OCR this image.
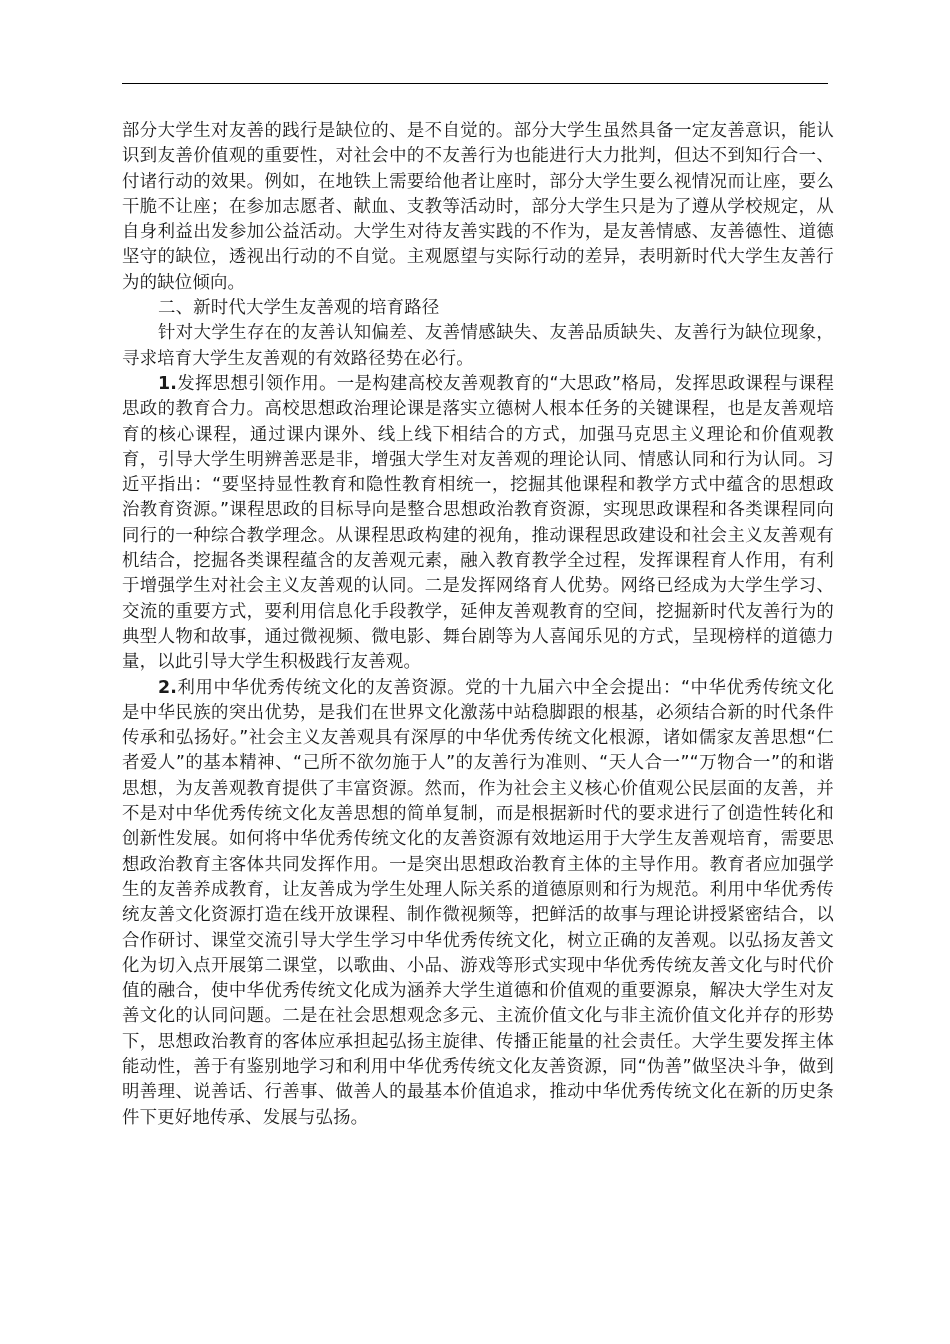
部分大学生对友善的践行是缺位的、是不自觉的。部分大学生虽然具备一定友善意识，能认识到友善价值观的重要性，对社会中的不友善行为也能进行大力批判，但达不到知行合一、付诸行动的效果。例如，在地铁上需要给他者让座时，部分大学生要么视情况而让座，要么干脆不让座；在参加志愿者、献血、支教等活动时，部分大学生只是为了遵从学校规定，从自身利益出发参加公益活动。大学生对待友善实践的不作为，是友善情感、友善德性、道德坚守的缺位，透视出行动的不自觉。主观愿望与实际行动的差异，表明新时代大学生友善行为的缺位倾向。

二、新时代大学生友善观的培育路径

针对大学生存在的友善认知偏差、友善情感缺失、友善品质缺失、友善行为缺位现象，寻求培育大学生友善观的有效路径势在必行。

1.发挥思想引领作用。一是构建高校友善观教育的“大思政”格局，发挥思政课程与课程思政的教育合力。高校思想政治理论课是落实立德树人根本任务的关键课程，也是友善观培育的核心课程，通过课内课外、线上线下相结合的方式，加强马克思主义理论和价值观教育，引导大学生明辨善恶是非，增强大学生对友善观的理论认同、情感认同和行为认同。习近平指出：“要坚持显性教育和隐性教育相统一，挖掘其他课程和教学方式中蕴含的思想政治教育资源。”课程思政的目标导向是整合思想政治教育资源，实现思政课程和各类课程同向同行的一种综合教学理念。从课程思政构建的视角，推动课程思政建设和社会主义友善观有机结合，挖掘各类课程蕴含的友善观元素，融入教育教学全过程，发挥课程育人作用，有利于增强学生对社会主义友善观的认同。二是发挥网络育人优势。网络已经成为大学生学习、交流的重要方式，要利用信息化手段教学，延伸友善观教育的空间，挖掘新时代友善行为的典型人物和故事，通过微视频、微电影、舞台剧等为人喜闻乐见的方式，呈现榜样的道德力量，以此引导大学生积极践行友善观。

2.利用中华优秀传统文化的友善资源。党的十九届六中全会提出：“中华优秀传统文化是中华民族的突出优势，是我们在世界文化激荡中站稳脚跟的根基，必须结合新的时代条件传承和弘扬好。”社会主义友善观具有深厚的中华优秀传统文化根源，诸如儒家友善思想“仁者爱人”的基本精神、“己所不欲勿施于人”的友善行为准则、“天人合一”“万物合一”的和谐思想，为友善观教育提供了丰富资源。然而，作为社会主义核心价值观公民层面的友善，并不是对中华优秀传统文化友善思想的简单复制，而是根据新时代的要求进行了创造性转化和创新性发展。如何将中华优秀传统文化的友善资源有效地运用于大学生友善观培育，需要思想政治教育主客体共同发挥作用。一是突出思想政治教育主体的主导作用。教育者应加强学生的友善养成教育，让友善成为学生处理人际关系的道德原则和行为规范。利用中华优秀传统友善文化资源打造在线开放课程、制作微视频等，把鲜活的故事与理论讲授紧密结合，以合作研讨、课堂交流引导大学生学习中华优秀传统文化，树立正确的友善观。以弘扬友善文化为切入点开展第二课堂，以歌曲、小品、游戏等形式实现中华优秀传统友善文化与时代价值的融合，使中华优秀传统文化成为涵养大学生道德和价值观的重要源泉，解决大学生对友善文化的认同问题。二是在社会思想观念多元、主流价值文化与非主流价值文化并存的形势下，思想政治教育的客体应承担起弘扬主旋律、传播正能量的社会责任。大学生要发挥主体能动性，善于有鉴别地学习和利用中华优秀传统文化友善资源，同“伪善”做坚决斗争，做到明善理、说善话、行善事、做善人的最基本价值追求，推动中华优秀传统文化在新的历史条件下更好地传承、发展与弘扬。
